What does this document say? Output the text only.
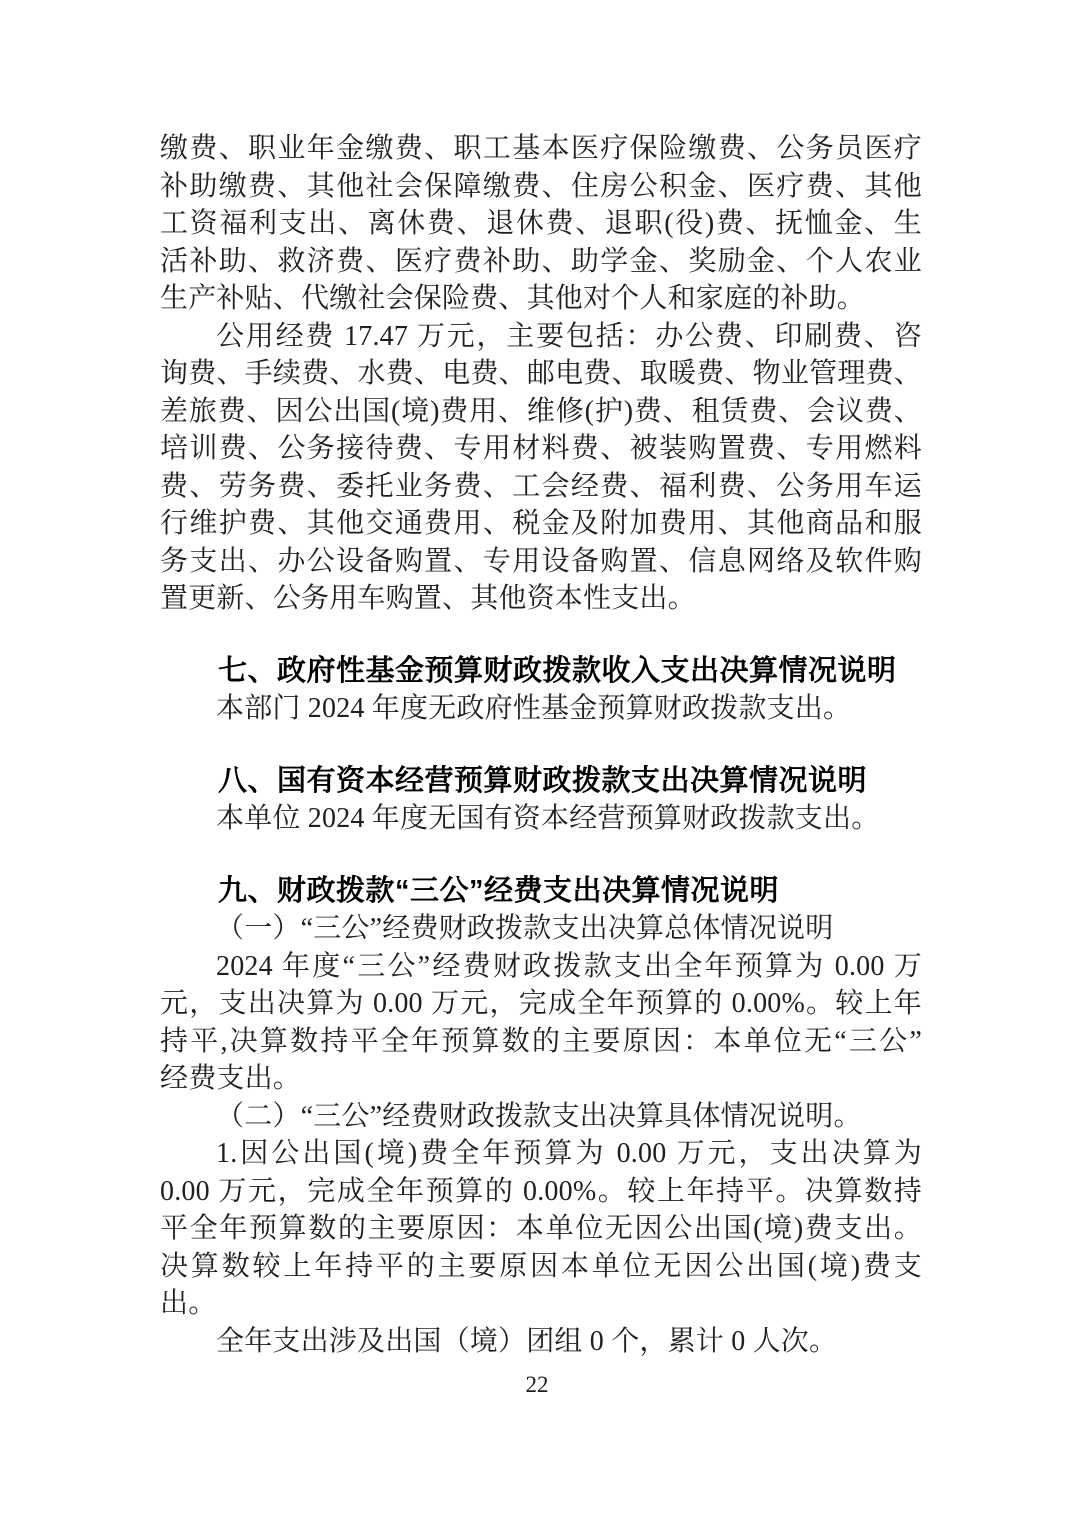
缴费、职业年金缴费、职工基本医疗保险缴费、公务员医疗
补助缴费、其他社会保障缴费、住房公积金、医疗费、其他
工资福利支出、离休费、退休费、退职(役)费、抚恤金、生
活补助、救济费、医疗费补助、助学金、奖励金、个人农业
生产补贴、代缴社会保险费、其他对个人和家庭的补助。
公用经费 17.47 万元，主要包括：办公费、印刷费、咨
询费、手续费、水费、电费、邮电费、取暖费、物业管理费、
差旅费、因公出国(境)费用、维修(护)费、租赁费、会议费、
培训费、公务接待费、专用材料费、被装购置费、专用燃料
费、劳务费、委托业务费、工会经费、福利费、公务用车运
行维护费、其他交通费用、税金及附加费用、其他商品和服
务支出、办公设备购置、专用设备购置、信息网络及软件购
置更新、公务用车购置、其他资本性支出。
七、政府性基金预算财政拨款收入支出决算情况说明
本部门 2024 年度无政府性基金预算财政拨款支出。
八、国有资本经营预算财政拨款支出决算情况说明
本单位 2024 年度无国有资本经营预算财政拨款支出。
九、财政拨款“三公”经费支出决算情况说明
（一）“三公”经费财政拨款支出决算总体情况说明
2024 年度“三公”经费财政拨款支出全年预算为 0.00 万
元，支出决算为 0.00 万元，完成全年预算的 0.00%。较上年
持平,决算数持平全年预算数的主要原因：本单位无“三公”
经费支出。
（二）“三公”经费财政拨款支出决算具体情况说明。
1.因公出国(境)费全年预算为 0.00 万元，支出决算为
0.00 万元，完成全年预算的 0.00%。较上年持平。决算数持
平全年预算数的主要原因：本单位无因公出国(境)费支出。
决算数较上年持平的主要原因本单位无因公出国(境)费支
出。
全年支出涉及出国（境）团组 0 个，累计 0 人次。
22
